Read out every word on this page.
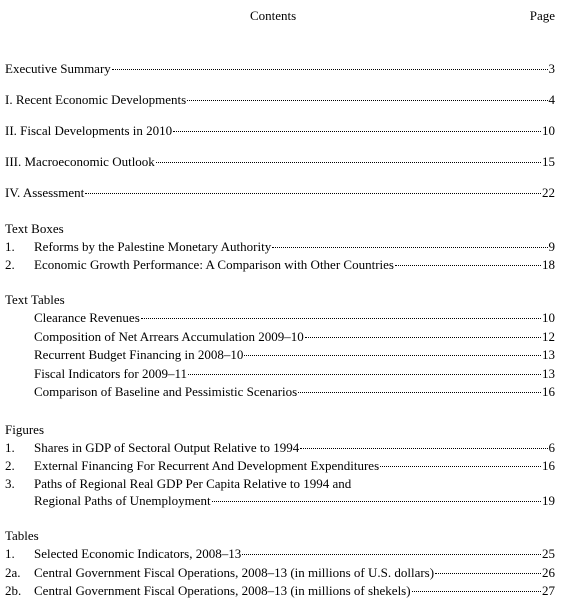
Contents	Page
Executive Summary	3
I. Recent Economic Developments	4
II. Fiscal Developments in 2010	10
III. Macroeconomic Outlook	15
IV. Assessment	22
Text Boxes
1.	Reforms by the Palestine Monetary Authority	9
2.	Economic Growth Performance: A Comparison with Other Countries	18
Text Tables
Clearance Revenues	10
Composition of Net Arrears Accumulation 2009–10	12
Recurrent Budget Financing in 2008–10	13
Fiscal Indicators for 2009–11	13
Comparison of Baseline and Pessimistic Scenarios	16
Figures
1.	Shares in GDP of Sectoral Output Relative to 1994	6
2.	External Financing For Recurrent And Development Expenditures	16
3.	Paths of Regional Real GDP Per Capita Relative to 1994 and
Regional Paths of Unemployment	19
Tables
1.	Selected Economic Indicators, 2008–13	25
2a.	Central Government Fiscal Operations, 2008–13 (in millions of U.S. dollars)	26
2b. Central Government Fiscal Operations, 2008–13 (in millions of shekels)	27
